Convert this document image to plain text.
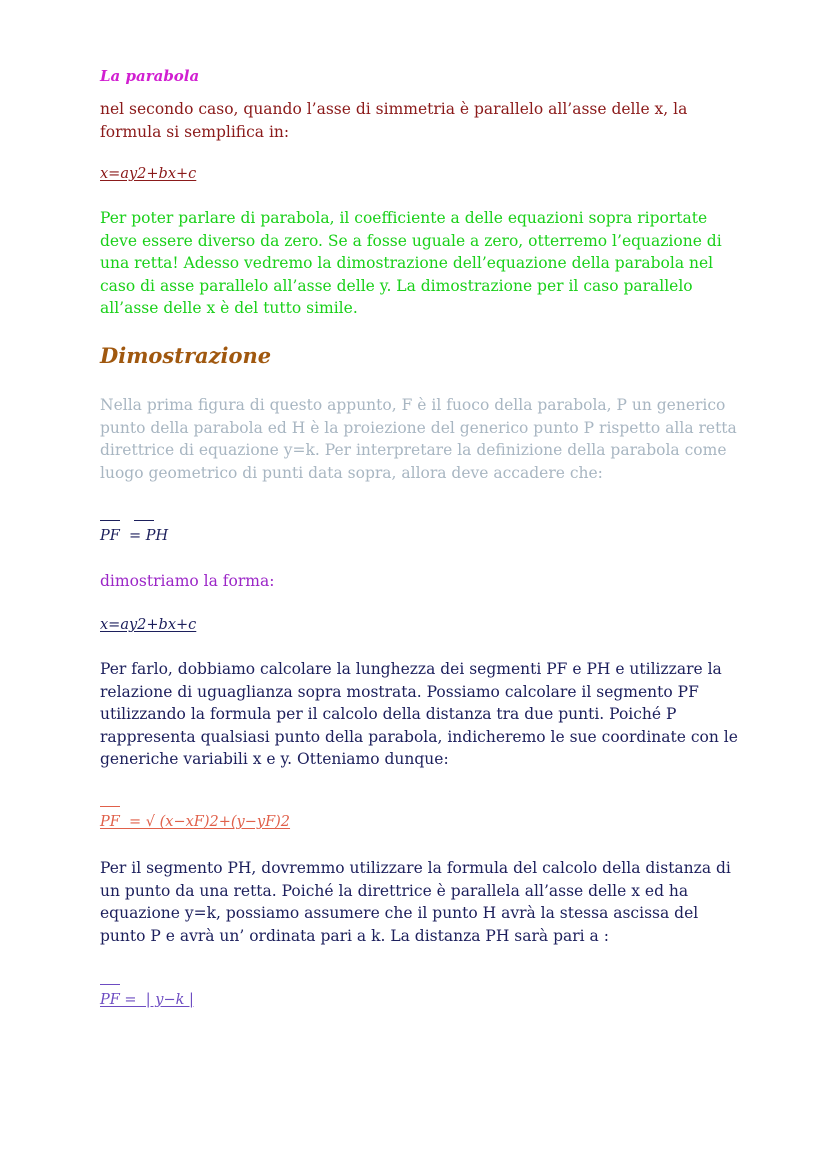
La parabola

nel secondo caso, quando l’asse di simmetria è parallelo all’asse delle x, la formula si semplifica in:

x=ay2+bx+c

Per poter parlare di parabola, il coefficiente a delle equazioni sopra riportate deve essere diverso da zero. Se a fosse uguale a zero, otterremo l’equazione di una retta! Adesso vedremo la dimostrazione dell’equazione della parabola nel caso di asse parallelo all’asse delle y. La dimostrazione per il caso parallelo all’asse delle x è del tutto simile.

Dimostrazione

Nella prima figura di questo appunto, F è il fuoco della parabola, P un generico punto della parabola ed H è la proiezione del generico punto P rispetto alla retta direttrice di equazione y=k. Per interpretare la definizione della parabola come luogo geometrico di punti data sopra, allora deve accadere che:

PF  = PH
dimostriamo la forma:
x=ay2+bx+c

Per farlo, dobbiamo calcolare la lunghezza dei segmenti PF e PH e utilizzare la relazione di uguaglianza sopra mostrata. Possiamo calcolare il segmento PF utilizzando la formula per il calcolo della distanza tra due punti. Poiché P rappresenta qualsiasi punto della parabola, indicheremo le sue coordinate con le generiche variabili x e y. Otteniamo dunque:

PF  = √ (x−xF)2+(y−yF)2

Per il segmento PH, dovremmo utilizzare la formula del calcolo della distanza di un punto da una retta. Poiché la direttrice è parallela all’asse delle x ed ha equazione y=k, possiamo assumere che il punto H avrà la stessa ascissa del punto P e avrà un’ ordinata pari a k. La distanza PH sarà pari a :

PF =  | y−k |
